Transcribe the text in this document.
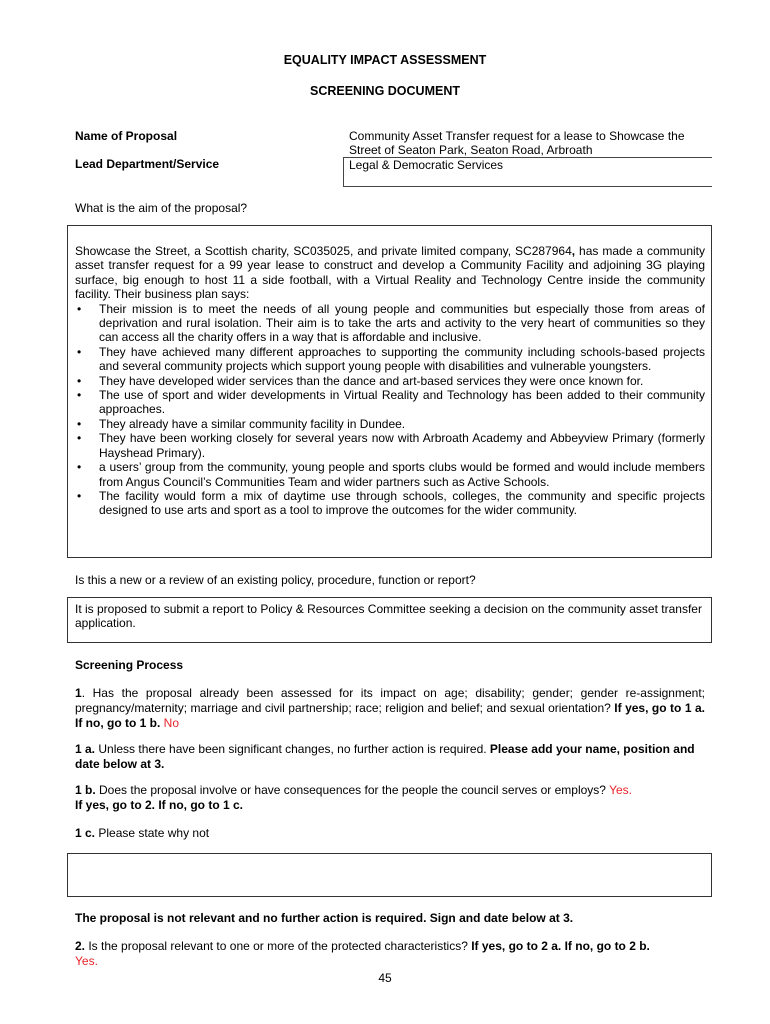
EQUALITY IMPACT ASSESSMENT
SCREENING DOCUMENT
Name of Proposal
Lead Department/Service
Community Asset Transfer request for a lease to Showcase the Street of Seaton Park, Seaton Road, Arbroath
Legal & Democratic Services
What is the aim of the proposal?

Showcase the Street, a Scottish charity, SC035025, and private limited company, SC287964, has made a community asset transfer request for a 99 year lease to construct and develop a Community Facility and adjoining 3G playing surface, big enough to host 11 a side football, with a Virtual Reality and Technology Centre inside the community facility. Their business plan says:

• Their mission is to meet the needs of all young people and communities but especially those from areas of deprivation and rural isolation. Their aim is to take the arts and activity to the very heart of communities so they can access all the charity offers in a way that is affordable and inclusive.
• They have achieved many different approaches to supporting the community including schools-based projects and several community projects which support young people with disabilities and vulnerable youngsters.
• They have developed wider services than the dance and art-based services they were once known for.
• The use of sport and wider developments in Virtual Reality and Technology has been added to their community approaches.
• They already have a similar community facility in Dundee.
• They have been working closely for several years now with Arbroath Academy and Abbeyview Primary (formerly Hayshead Primary).
• a users’ group from the community, young people and sports clubs would be formed and would include members from Angus Council’s Communities Team and wider partners such as Active Schools.
• The facility would form a mix of daytime use through schools, colleges, the community and specific projects designed to use arts and sport as a tool to improve the outcomes for the wider community.
Is this a new or a review of an existing policy, procedure, function or report?

It is proposed to submit a report to Policy & Resources Committee seeking a decision on the community asset transfer application.

Screening Process

1. Has the proposal already been assessed for its impact on age; disability; gender; gender re-assignment; pregnancy/maternity; marriage and civil partnership; race; religion and belief; and sexual orientation? If yes, go to 1 a. If no, go to 1 b. No

1 a. Unless there have been significant changes, no further action is required. Please add your name, position and date below at 3.

1 b. Does the proposal involve or have consequences for the people the council serves or employs? Yes.
If yes, go to 2. If no, go to 1 c.

1 c. Please state why not

The proposal is not relevant and no further action is required. Sign and date below at 3.

2. Is the proposal relevant to one or more of the protected characteristics? If yes, go to 2 a. If no, go to 2 b.
Yes.

45
